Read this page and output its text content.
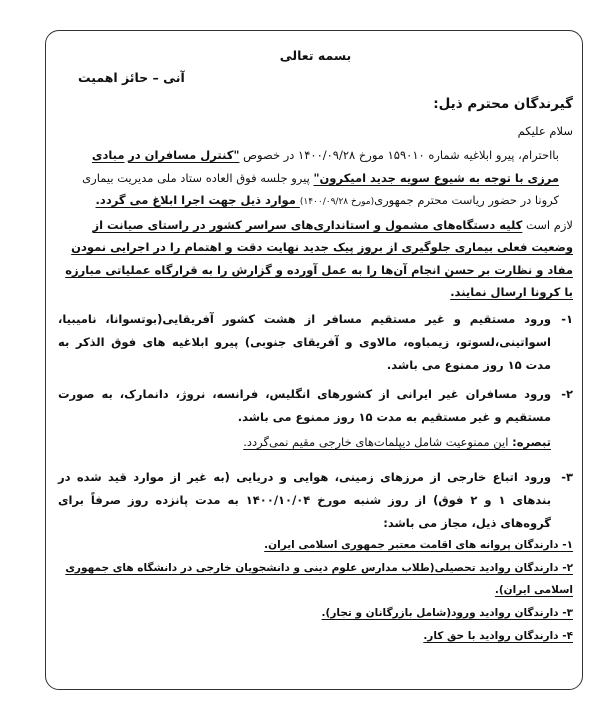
بسمه تعالی
آنی – حائز اهمیت
گیرندگان محترم ذیل:
سلام علیکم

بااحترام، پیرو ابلاغیه شماره ۱۵۹۰۱۰ مورخ ۱۴۰۰/۰۹/۲۸ در خصوص "کنترل مسافران در مبادی مرزی با توجه به شیوع سویه جدید امیکرون" پیرو جلسه فوق العاده ستاد ملی مدیریت بیماری کرونا در حضور ریاست محترم جمهوری(مورخ ۱۴۰۰/۰۹/۲۸) موارد ذیل جهت اجرا ابلاغ می گردد.

لازم است کلیه دستگاه‌های مشمول و استانداری‌های سراسر کشور در راستای صیانت از وضعیت فعلی بیماری جلوگیری از بروز پیک جدید نهایت دقت و اهتمام را در اجرایی نمودن مفاد و نظارت بر حسن انجام آن‌ها را به عمل آورده و گزارش را به قرارگاه عملیاتی مبارزه با کرونا ارسال نمایند.

۱-
ورود مستقیم و غیر مستقیم مسافر از هشت کشور آفریقایی(بوتسوانا، نامیبیا، اسواتینی،لسوتو، زیمباوه، مالاوی و آفریقای جنوبی) پیرو ابلاغیه های فوق الذکر به مدت ۱۵ روز ممنوع می باشد.
۲-
ورود مسافران غیر ایرانی از کشورهای انگلیس، فرانسه، نروژ، دانمارک، به صورت مستقیم و غیر مستقیم به مدت ۱۵ روز ممنوع می باشد.
تبصره: این ممنوعیت شامل دیپلمات‌های خارجی مقیم نمی‌گردد.
۳-
ورود اتباع خارجی از مرزهای زمینی، هوایی و دریایی (به غیر از موارد قید شده در بندهای ۱ و ۲ فوق) از روز شنبه مورخ ۱۴۰۰/۱۰/۰۴ به مدت پانزده روز صرفاً برای گروه‌های ذیل، مجاز می باشد:
۱- دارندگان پروانه های اقامت معتبر جمهوری اسلامی ایران.
۲- دارندگان روادید تحصیلی(طلاب مدارس علوم دینی و دانشجویان خارجی در دانشگاه های جمهوری اسلامی ایران).
۳- دارندگان روادید ورود(شامل بازرگانان و تجار).
۴- دارندگان روادید با حق کار.
